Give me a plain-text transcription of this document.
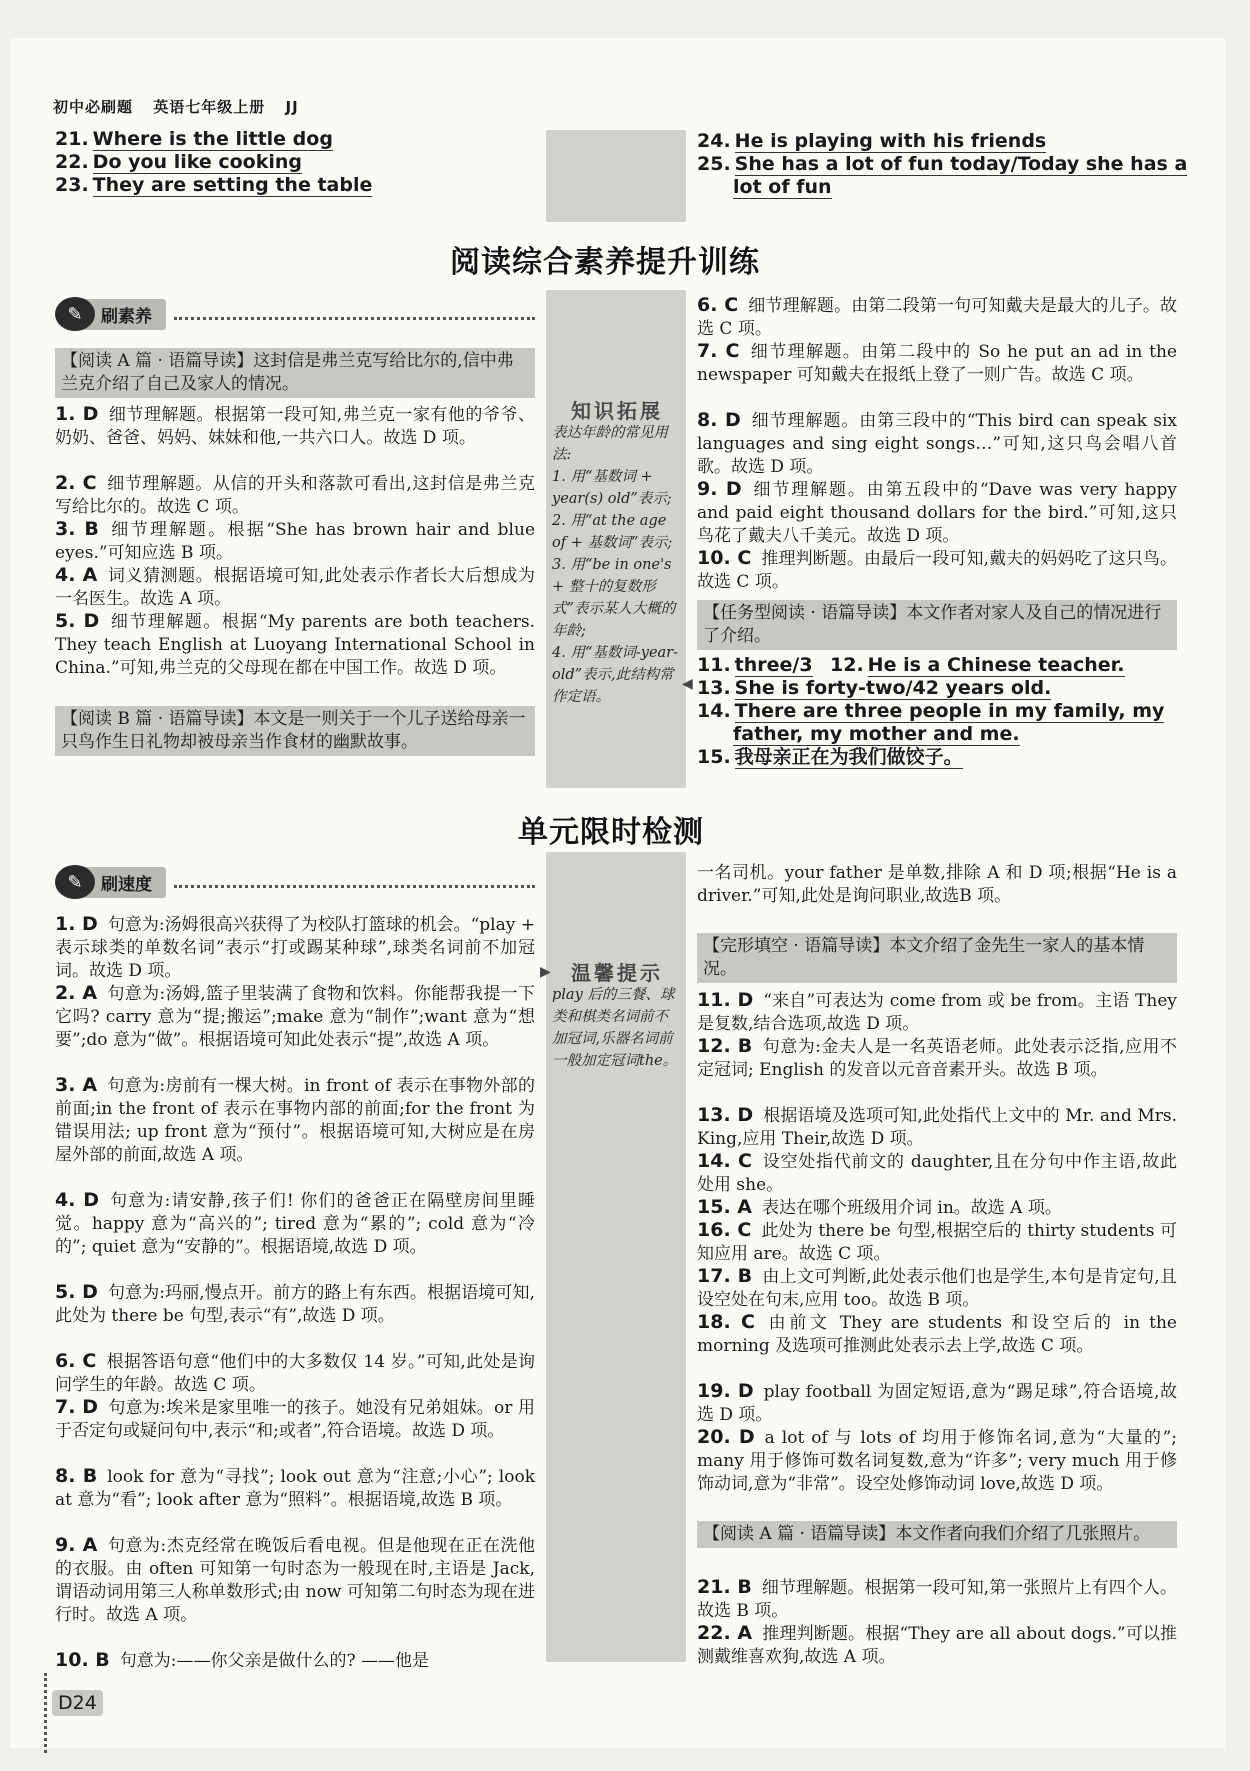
初中必刷题 英语七年级上册 JJ
21. Where is the little dog
22. Do you like cooking
23. They are setting the table
24. He is playing with his friends
25. She has a lot of fun today/Today she has a
lot of fun
阅读综合素养提升训练
✎	刷素养
【阅读 A 篇 · 语篇导读】这封信是弗兰克写给比尔的,信中弗兰克介绍了自己及家人的情况。
1. D 细节理解题。根据第一段可知,弗兰克一家有他的爷爷、奶奶、爸爸、妈妈、妹妹和他,一共六口人。故选 D 项。
2. C 细节理解题。从信的开头和落款可看出,这封信是弗兰克写给比尔的。故选 C 项。
3. B 细节理解题。根据“She has brown hair and blue eyes.”可知应选 B 项。
4. A 词义猜测题。根据语境可知,此处表示作者长大后想成为一名医生。故选 A 项。
5. D 细节理解题。根据“My parents are both teachers. They teach English at Luoyang International School in China.”可知,弗兰克的父母现在都在中国工作。故选 D 项。
【阅读 B 篇 · 语篇导读】本文是一则关于一个儿子送给母亲一只鸟作生日礼物却被母亲当作食材的幽默故事。
知识拓展
表达年龄的常见用法:
1. 用“基数词 + year(s) old”表示;
2. 用“at the age of + 基数词”表示;
3. 用“be in one's + 整十的复数形式”表示某人大概的年龄;
4. 用“基数词-year-old”表示,此结构常作定语。
◀
6. C 细节理解题。由第二段第一句可知戴夫是最大的儿子。故选 C 项。
7. C 细节理解题。由第二段中的 So he put an ad in the newspaper 可知戴夫在报纸上登了一则广告。故选 C 项。
8. D 细节理解题。由第三段中的“This bird can speak six languages and sing eight songs…”可知,这只鸟会唱八首歌。故选 D 项。
9. D 细节理解题。由第五段中的“Dave was very happy and paid eight thousand dollars for the bird.”可知,这只鸟花了戴夫八千美元。故选 D 项。
10. C 推理判断题。由最后一段可知,戴夫的妈妈吃了这只鸟。故选 C 项。
【任务型阅读 · 语篇导读】本文作者对家人及自己的情况进行了介绍。
11. three/3 12. He is a Chinese teacher.
13. She is forty-two/42 years old.
14. There are three people in my family, my
father, my mother and me.
15. 我母亲正在为我们做饺子。
单元限时检测
✎	刷速度
1. D 句意为:汤姆很高兴获得了为校队打篮球的机会。“play + 表示球类的单数名词”表示“打或踢某种球”,球类名词前不加冠词。故选 D 项。
2. A 句意为:汤姆,篮子里装满了食物和饮料。你能帮我提一下它吗? carry 意为“提;搬运”;make 意为“制作”;want 意为“想要”;do 意为“做”。根据语境可知此处表示“提”,故选 A 项。
3. A 句意为:房前有一棵大树。in front of 表示在事物外部的前面;in the front of 表示在事物内部的前面;for the front 为错误用法; up front 意为“预付”。根据语境可知,大树应是在房屋外部的前面,故选 A 项。
4. D 句意为:请安静,孩子们! 你们的爸爸正在隔壁房间里睡觉。happy 意为“高兴的”; tired 意为“累的”; cold 意为“冷的”; quiet 意为“安静的”。根据语境,故选 D 项。
5. D 句意为:玛丽,慢点开。前方的路上有东西。根据语境可知,此处为 there be 句型,表示“有”,故选 D 项。
6. C 根据答语句意“他们中的大多数仅 14 岁。”可知,此处是询问学生的年龄。故选 C 项。
7. D 句意为:埃米是家里唯一的孩子。她没有兄弟姐妹。or 用于否定句或疑问句中,表示“和;或者”,符合语境。故选 D 项。
8. B look for 意为“寻找”; look out 意为“注意;小心”; look at 意为“看”; look after 意为“照料”。根据语境,故选 B 项。
9. A 句意为:杰克经常在晚饭后看电视。但是他现在正在洗他的衣服。由 often 可知第一句时态为一般现在时,主语是 Jack,谓语动词用第三人称单数形式;由 now 可知第二句时态为现在进行时。故选 A 项。
10. B 句意为:——你父亲是做什么的? ——他是
▶	温馨提示
play 后的三餐、球类和棋类名词前不加冠词,乐器名词前一般加定冠词the。
一名司机。your father 是单数,排除 A 和 D 项;根据“He is a driver.”可知,此处是询问职业,故选B 项。
【完形填空 · 语篇导读】本文介绍了金先生一家人的基本情况。
11. D “来自”可表达为 come from 或 be from。主语 They 是复数,结合选项,故选 D 项。
12. B 句意为:金夫人是一名英语老师。此处表示泛指,应用不定冠词; English 的发音以元音音素开头。故选 B 项。
13. D 根据语境及选项可知,此处指代上文中的 Mr. and Mrs. King,应用 Their,故选 D 项。
14. C 设空处指代前文的 daughter,且在分句中作主语,故此处用 she。
15. A 表达在哪个班级用介词 in。故选 A 项。
16. C 此处为 there be 句型,根据空后的 thirty students 可知应用 are。故选 C 项。
17. B 由上文可判断,此处表示他们也是学生,本句是肯定句,且设空处在句末,应用 too。故选 B 项。
18. C 由前文 They are students 和设空后的 in the morning 及选项可推测此处表示去上学,故选 C 项。
19. D play football 为固定短语,意为“踢足球”,符合语境,故选 D 项。
20. D a lot of 与 lots of 均用于修饰名词,意为“大量的”; many 用于修饰可数名词复数,意为“许多”; very much 用于修饰动词,意为“非常”。设空处修饰动词 love,故选 D 项。
【阅读 A 篇 · 语篇导读】本文作者向我们介绍了几张照片。
21. B 细节理解题。根据第一段可知,第一张照片上有四个人。故选 B 项。
22. A 推理判断题。根据“They are all about dogs.”可以推测戴维喜欢狗,故选 A 项。
D24
